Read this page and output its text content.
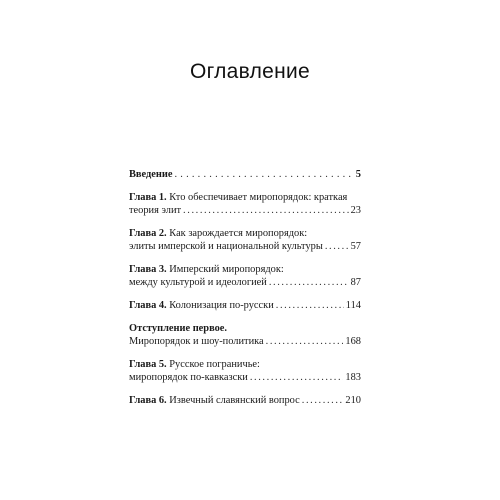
Оглавление
Введение .....	5
Глава 1. Кто обеспечивает миропорядок: краткая
теория элит .....	23
Глава 2. Как зарождается миропорядок:
элиты имперской и национальной культуры .....	57
Глава 3. Имперский миропорядок:
между культурой и идеологией .....	87
Глава 4. Колонизация по-русски .....	114
Отступление первое.
Миропорядок и шоу-политика .....	168
Глава 5. Русское пограничье:
миропорядок по-кавказски .....	183
Глава 6. Извечный славянский вопрос .....	210
